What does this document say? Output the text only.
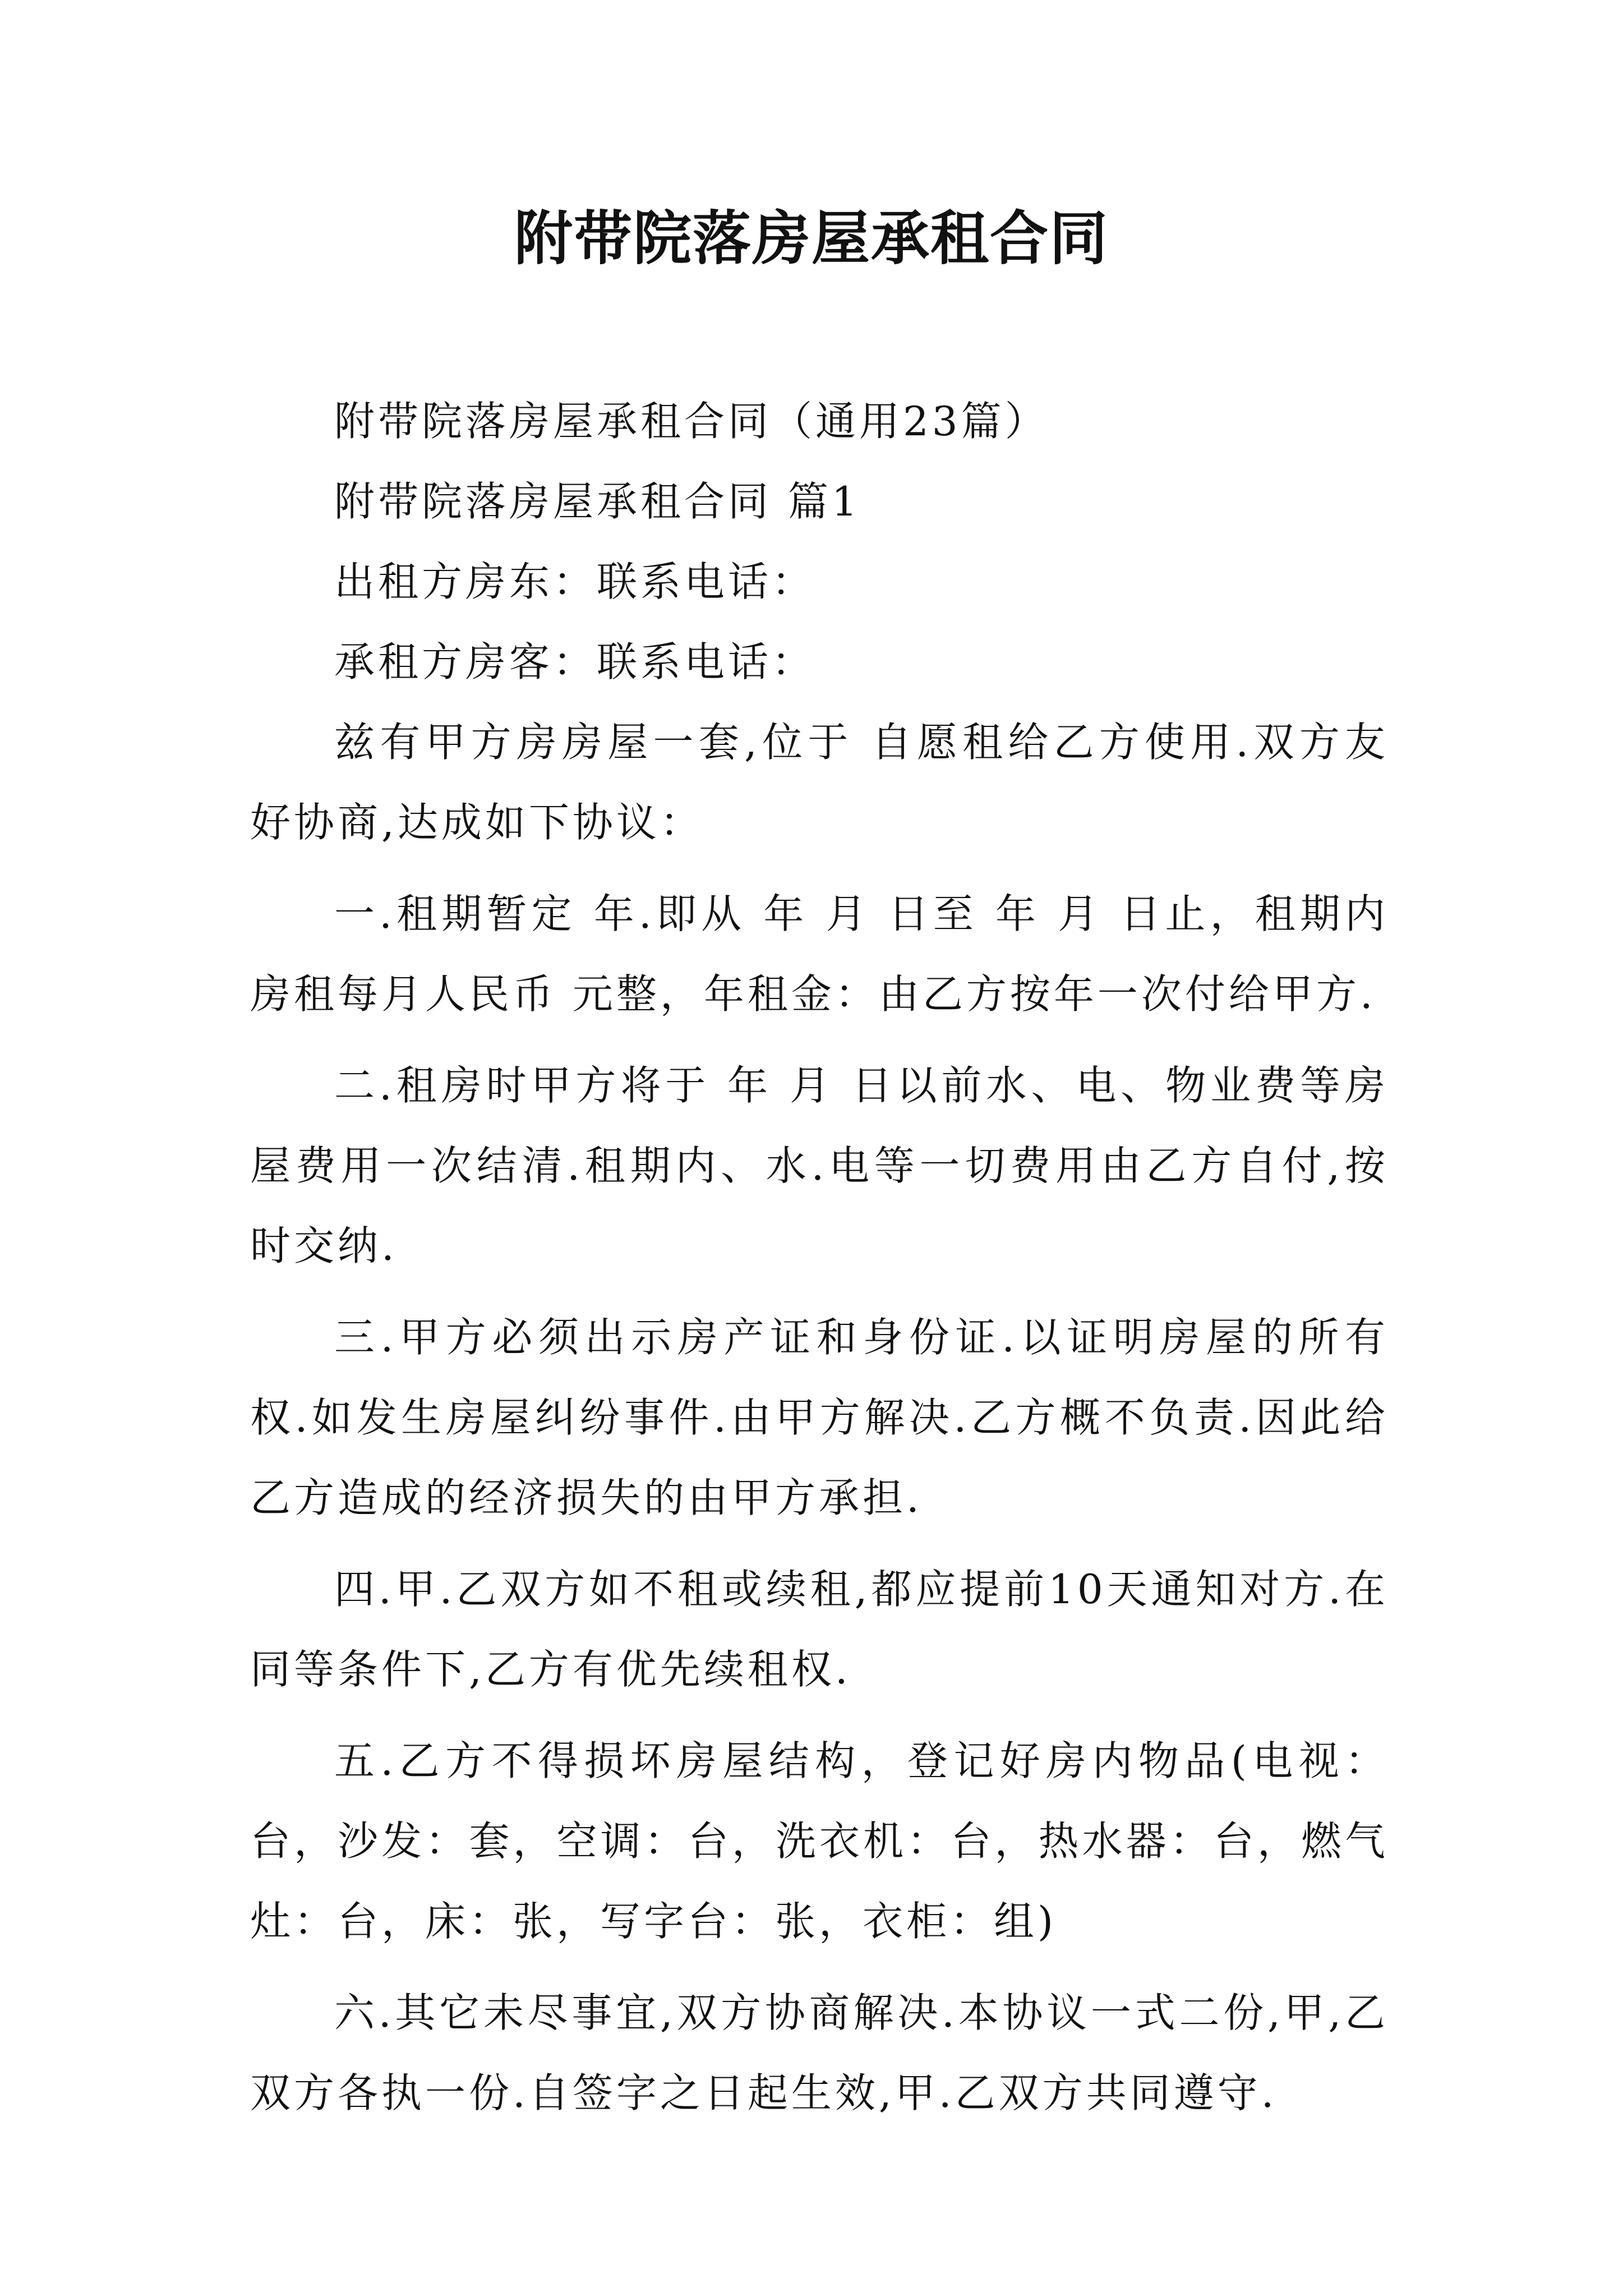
附带院落房屋承租合同

附带院落房屋承租合同（通用23篇）

附带院落房屋承租合同 篇1

出租方房东：联系电话：

承租方房客：联系电话：

兹有甲方房房屋一套,位于 自愿租给乙方使用.双方友好协商,达成如下协议：

一.租期暂定 年.即从 年 月 日至 年 月 日止，租期内房租每月人民币 元整，年租金：由乙方按年一次付给甲方.

二.租房时甲方将于 年 月 日以前水、电、物业费等房屋费用一次结清.租期内、水.电等一切费用由乙方自付,按时交纳.

三.甲方必须出示房产证和身份证.以证明房屋的所有权.如发生房屋纠纷事件.由甲方解决.乙方概不负责.因此给乙方造成的经济损失的由甲方承担.

四.甲.乙双方如不租或续租,都应提前10天通知对方.在同等条件下,乙方有优先续租权.

五.乙方不得损坏房屋结构，登记好房内物品(电视：台，沙发：套，空调：台，洗衣机：台，热水器：台，燃气灶：台，床：张，写字台：张，衣柜：组)

六.其它未尽事宜,双方协商解决.本协议一式二份,甲,乙双方各执一份.自签字之日起生效,甲.乙双方共同遵守.
